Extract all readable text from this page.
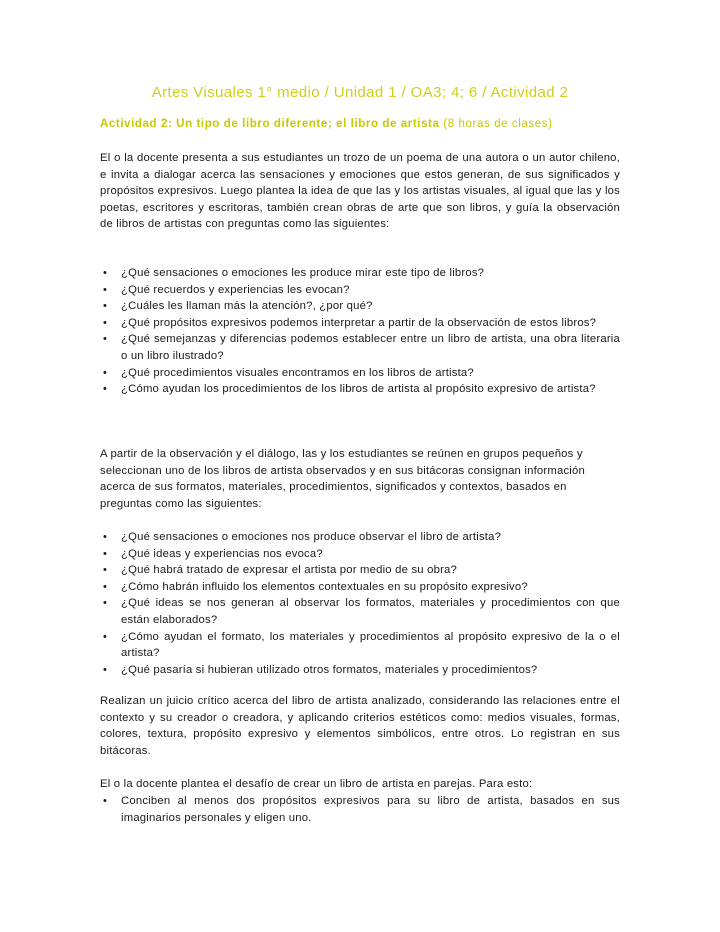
Artes Visuales 1° medio / Unidad 1 / OA3; 4; 6 / Actividad 2
Actividad 2: Un tipo de libro diferente; el libro de artista (8 horas de clases)
El o la docente presenta a sus estudiantes un trozo de un poema de una autora o un autor chileno, e invita a dialogar acerca las sensaciones y emociones que estos generan, de sus significados y propósitos expresivos. Luego plantea la idea de que las y los artistas visuales, al igual que las y los poetas, escritores y escritoras, también crean obras de arte que son libros, y guía la observación de libros de artistas con preguntas como las siguientes:
• ¿Qué sensaciones o emociones les produce mirar este tipo de libros?
• ¿Qué recuerdos y experiencias les evocan?
• ¿Cuáles les llaman más la atención?, ¿por qué?
• ¿Qué propósitos expresivos podemos interpretar a partir de la observación de estos libros?
• ¿Qué semejanzas y diferencias podemos establecer entre un libro de artista, una obra literaria o un libro ilustrado?
• ¿Qué procedimientos visuales encontramos en los libros de artista?
• ¿Cómo ayudan los procedimientos de los libros de artista al propósito expresivo de artista?
A partir de la observación y el diálogo, las y los estudiantes se reúnen en grupos pequeños y seleccionan uno de los libros de artista observados y en sus bitácoras consignan información acerca de sus formatos, materiales, procedimientos, significados y contextos, basados en preguntas como las siguientes:
• ¿Qué sensaciones o emociones nos produce observar el libro de artista?
• ¿Qué ideas y experiencias nos evoca?
• ¿Qué habrá tratado de expresar el artista por medio de su obra?
• ¿Cómo habrán influido los elementos contextuales en su propósito expresivo?
• ¿Qué ideas se nos generan al observar los formatos, materiales y procedimientos con que están elaborados?
• ¿Cómo ayudan el formato, los materiales y procedimientos al propósito expresivo de la o el artista?
• ¿Qué pasaría si hubieran utilizado otros formatos, materiales y procedimientos?
Realizan un juicio crítico acerca del libro de artista analizado, considerando las relaciones entre el contexto y su creador o creadora, y aplicando criterios estéticos como: medios visuales, formas, colores, textura, propósito expresivo y elementos simbólicos, entre otros. Lo registran en sus bitácoras.
El o la docente plantea el desafío de crear un libro de artista en parejas. Para esto:
• Conciben al menos dos propósitos expresivos para su libro de artista, basados en sus imaginarios personales y eligen uno.
